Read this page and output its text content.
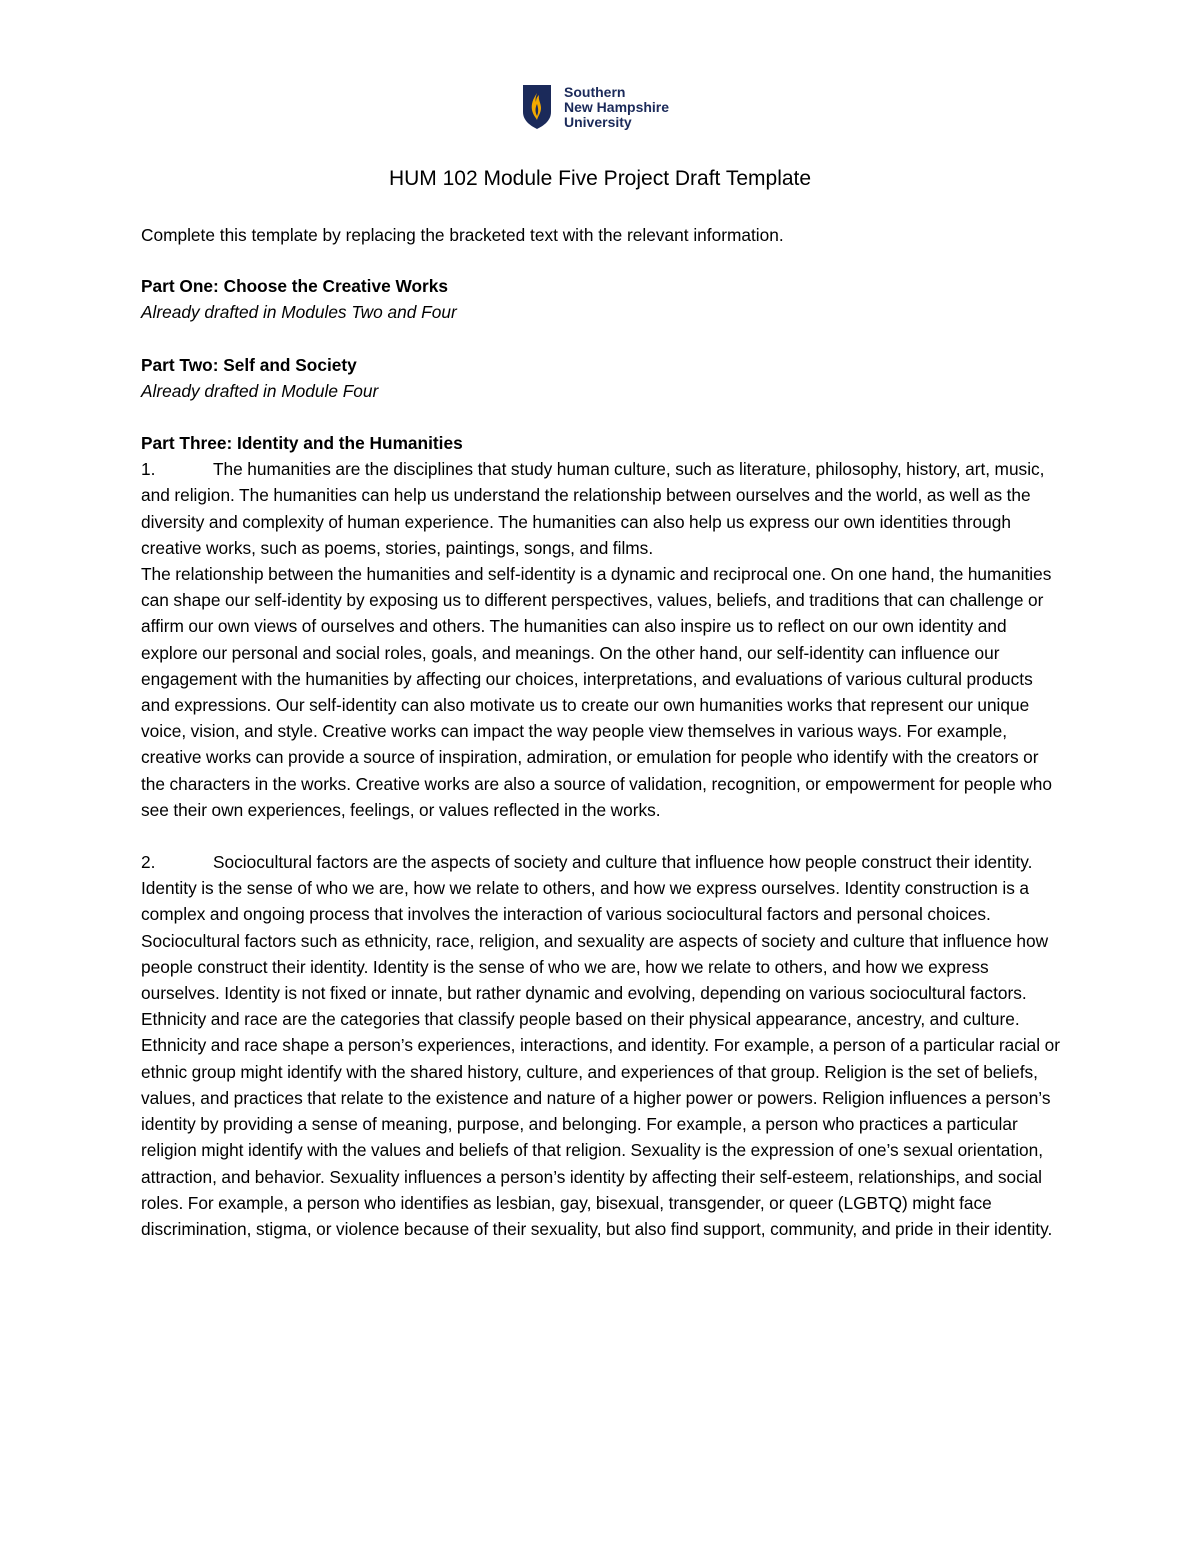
Southern
New Hampshire
University
HUM 102 Module Five Project Draft Template

Complete this template by replacing the bracketed text with the relevant information.

Part One: Choose the Creative Works

Already drafted in Modules Two and Four

Part Two: Self and Society

Already drafted in Module Four

Part Three: Identity and the Humanities

1.	The humanities are the disciplines that study human culture, such as literature, philosophy, history, art, music, and religion. The humanities can help us understand the relationship between ourselves and the world, as well as the diversity and complexity of human experience. The humanities can also help us express our own identities through creative works, such as poems, stories, paintings, songs, and films.

The relationship between the humanities and self-identity is a dynamic and reciprocal one. On one hand, the humanities can shape our self-identity by exposing us to different perspectives, values, beliefs, and traditions that can challenge or affirm our own views of ourselves and others. The humanities can also inspire us to reflect on our own identity and explore our personal and social roles, goals, and meanings. On the other hand, our self-identity can influence our engagement with the humanities by affecting our choices, interpretations, and evaluations of various cultural products and expressions. Our self-identity can also motivate us to create our own humanities works that represent our unique voice, vision, and style. Creative works can impact the way people view themselves in various ways. For example, creative works can provide a source of inspiration, admiration, or emulation for people who identify with the creators or the characters in the works. Creative works are also a source of validation, recognition, or empowerment for people who see their own experiences, feelings, or values reflected in the works.

2.	Sociocultural factors are the aspects of society and culture that influence how people construct their identity. Identity is the sense of who we are, how we relate to others, and how we express ourselves. Identity construction is a complex and ongoing process that involves the interaction of various sociocultural factors and personal choices. Sociocultural factors such as ethnicity, race, religion, and sexuality are aspects of society and culture that influence how people construct their identity. Identity is the sense of who we are, how we relate to others, and how we express ourselves. Identity is not fixed or innate, but rather dynamic and evolving, depending on various sociocultural factors. Ethnicity and race are the categories that classify people based on their physical appearance, ancestry, and culture. Ethnicity and race shape a person’s experiences, interactions, and identity. For example, a person of a particular racial or ethnic group might identify with the shared history, culture, and experiences of that group. Religion is the set of beliefs, values, and practices that relate to the existence and nature of a higher power or powers. Religion influences a person’s identity by providing a sense of meaning, purpose, and belonging. For example, a person who practices a particular religion might identify with the values and beliefs of that religion. Sexuality is the expression of one’s sexual orientation, attraction, and behavior. Sexuality influences a person’s identity by affecting their self-esteem, relationships, and social roles. For example, a person who identifies as lesbian, gay, bisexual, transgender, or queer (LGBTQ) might face discrimination, stigma, or violence because of their sexuality, but also find support, community, and pride in their identity.
